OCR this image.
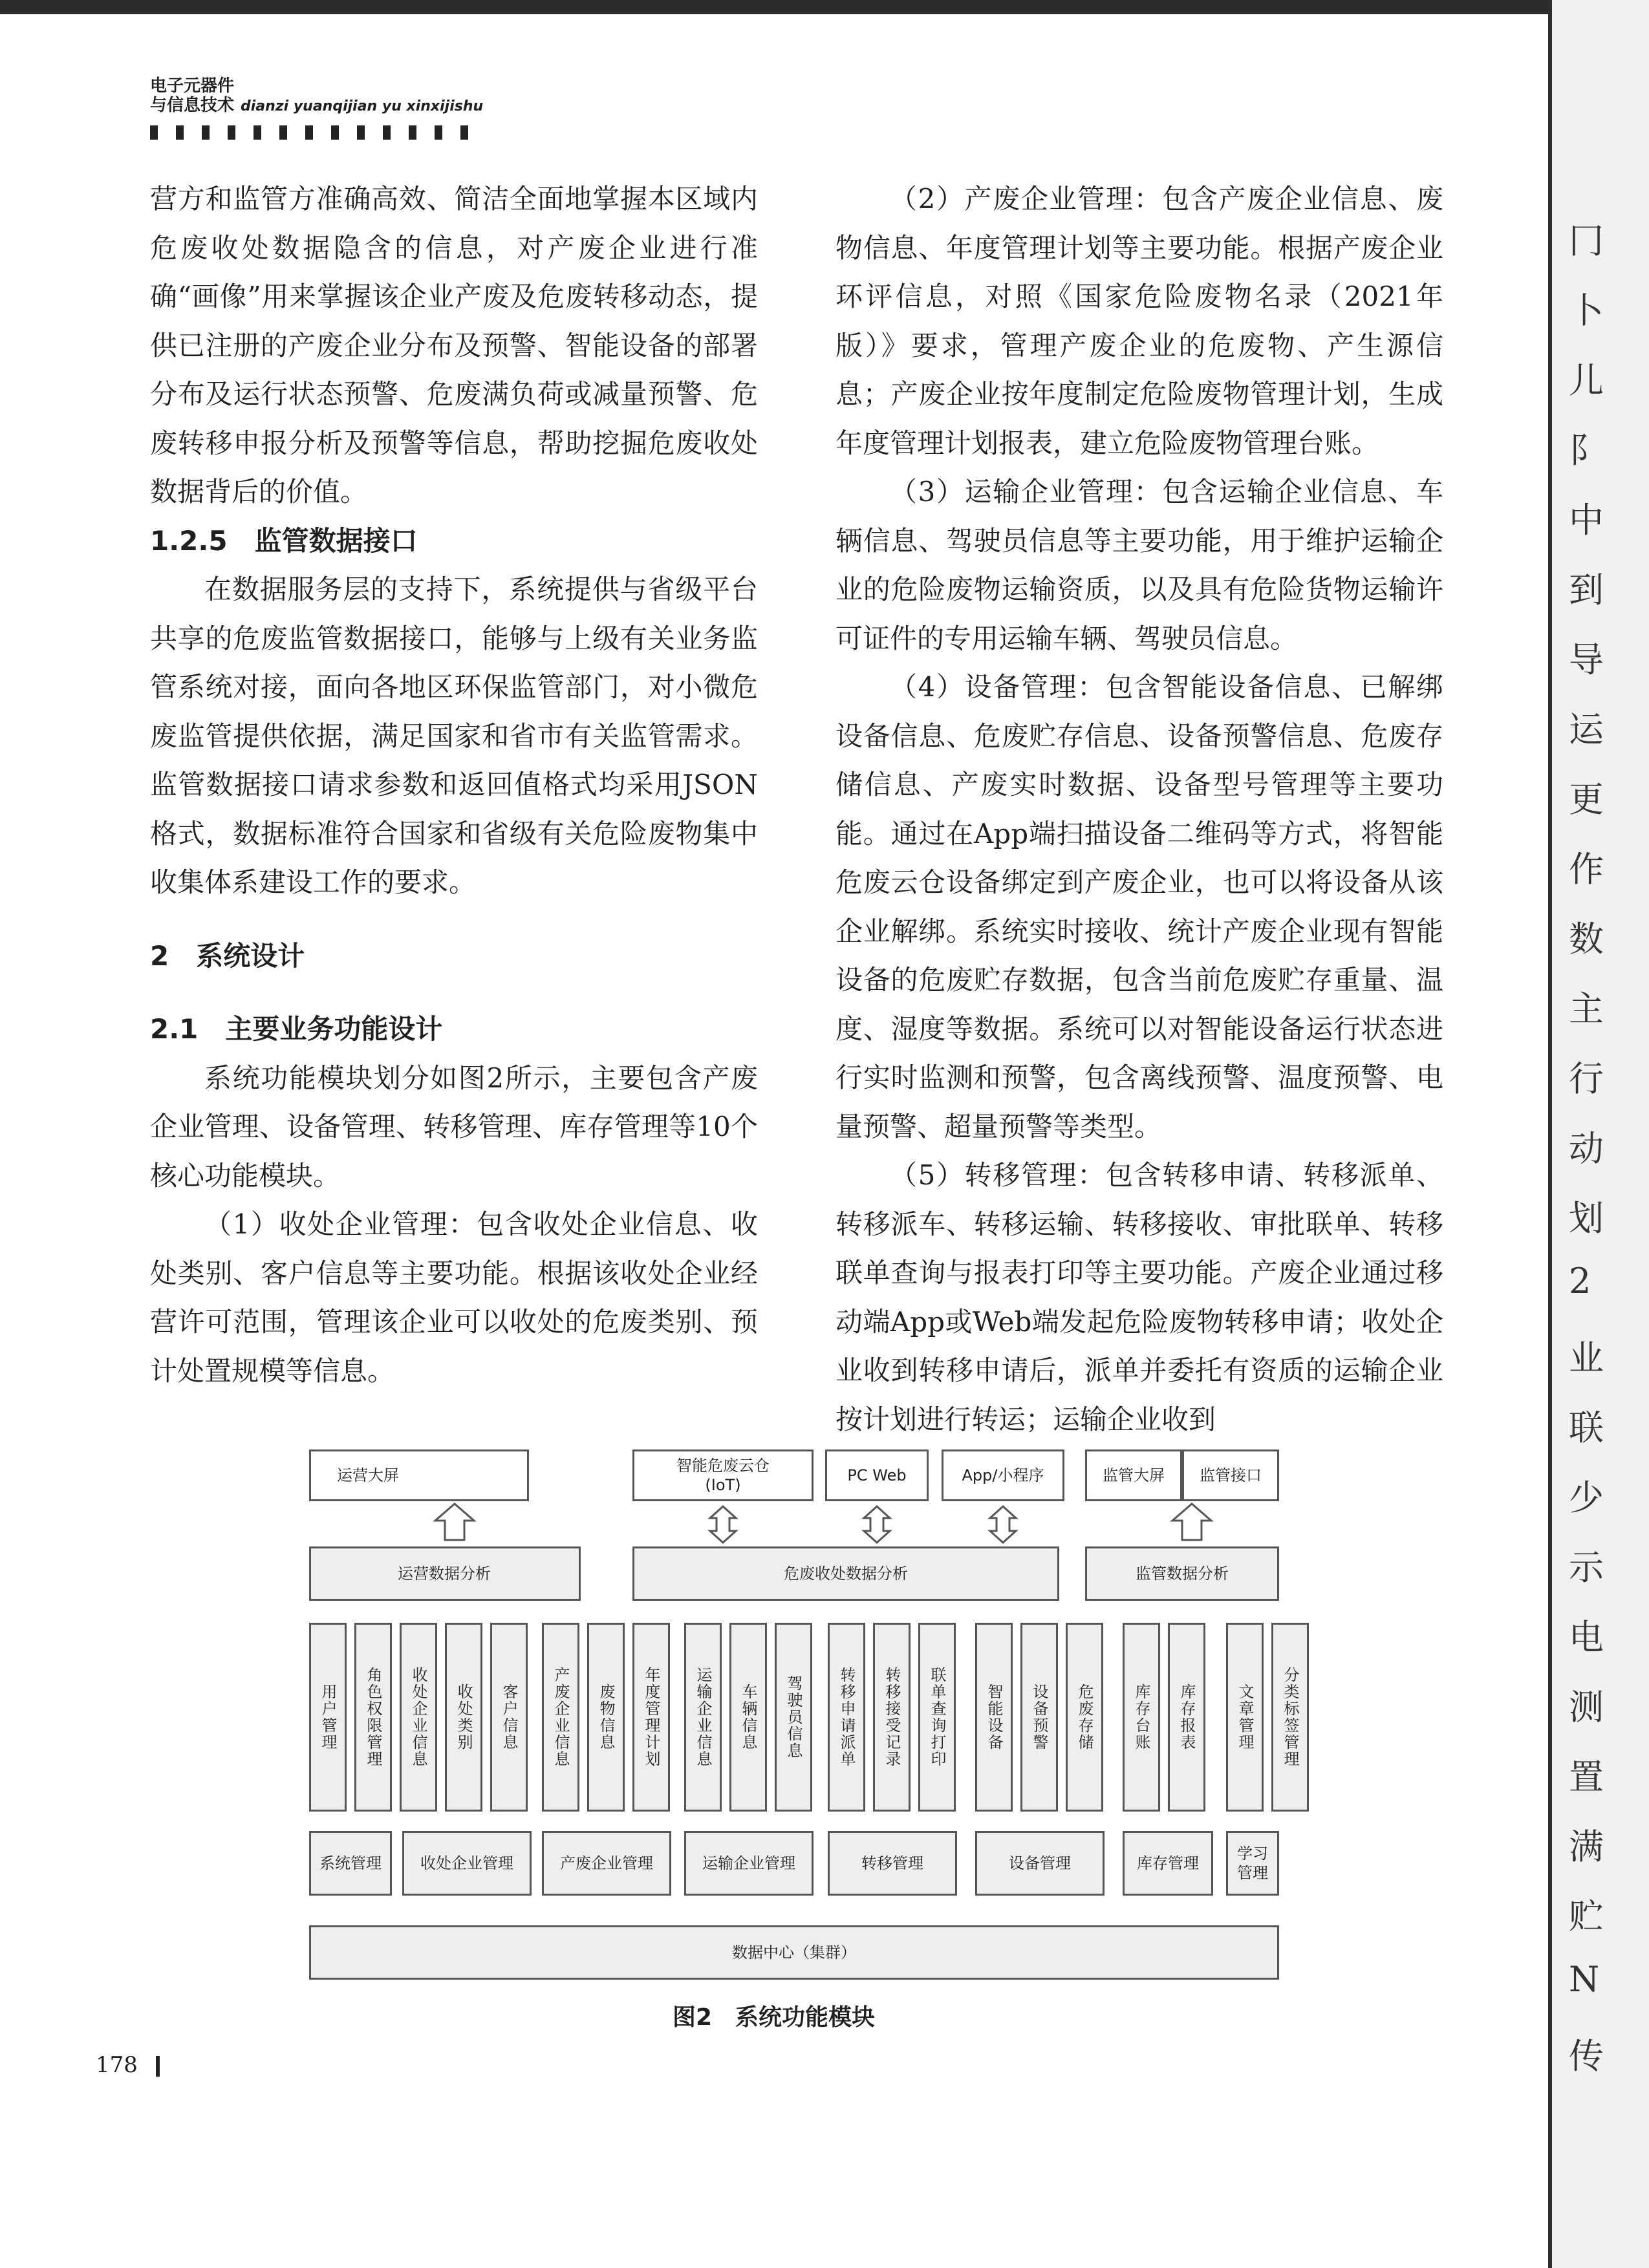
冂
卜
儿
阝
中
到
导
运
更
作
数
主
行
动
划
2
业
联
少
示
电
测
置
满
贮
N
传
电子元器件
与信息技术 dianzi yuanqijian yu xinxijishu

营方和监管方准确高效、简洁全面地掌握本区域内危废收处数据隐含的信息，对产废企业进行准确“画像”用来掌握该企业产废及危废转移动态，提供已注册的产废企业分布及预警、智能设备的部署分布及运行状态预警、危废满负荷或减量预警、危废转移申报分析及预警等信息，帮助挖掘危废收处数据背后的价值。

1.2.5　监管数据接口

在数据服务层的支持下，系统提供与省级平台共享的危废监管数据接口，能够与上级有关业务监管系统对接，面向各地区环保监管部门，对小微危废监管提供依据，满足国家和省市有关监管需求。监管数据接口请求参数和返回值格式均采用JSON格式，数据标准符合国家和省级有关危险废物集中收集体系建设工作的要求。

2　系统设计

2.1　主要业务功能设计

系统功能模块划分如图2所示，主要包含产废企业管理、设备管理、转移管理、库存管理等10个核心功能模块。

（1）收处企业管理：包含收处企业信息、收处类别、客户信息等主要功能。根据该收处企业经营许可范围，管理该企业可以收处的危废类别、预计处置规模等信息。

（2）产废企业管理：包含产废企业信息、废物信息、年度管理计划等主要功能。根据产废企业环评信息，对照《国家危险废物名录（2021年版）》要求，管理产废企业的危废物、产生源信息；产废企业按年度制定危险废物管理计划，生成年度管理计划报表，建立危险废物管理台账。

（3）运输企业管理：包含运输企业信息、车辆信息、驾驶员信息等主要功能，用于维护运输企业的危险废物运输资质，以及具有危险货物运输许可证件的专用运输车辆、驾驶员信息。

（4）设备管理：包含智能设备信息、已解绑设备信息、危废贮存信息、设备预警信息、危废存储信息、产废实时数据、设备型号管理等主要功能。通过在App端扫描设备二维码等方式，将智能危废云仓设备绑定到产废企业，也可以将设备从该企业解绑。系统实时接收、统计产废企业现有智能设备的危废贮存数据，包含当前危废贮存重量、温度、湿度等数据。系统可以对智能设备运行状态进行实时监测和预警，包含离线预警、温度预警、电量预警、超量预警等类型。

（5）转移管理：包含转移申请、转移派单、转移派车、转移运输、转移接收、审批联单、转移联单查询与报表打印等主要功能。产废企业通过移动端App或Web端发起危险废物转移申请；收处企业收到转移申请后，派单并委托有资质的运输企业按计划进行转运；运输企业收到

运营大屏
智能危废云仓
(IoT)
PC Web	App/小程序	监管大屏	监管接口
运营数据分析	危废收处数据分析	监管数据分析
用户管理	角色权限管理	收处企业信息	收处类别	客户信息	产废企业信息	废物信息	年度管理计划	运输企业信息	车辆信息	驾驶员信息	转移申请派单	转移接受记录	联单查询打印	智能设备	设备预警	危废存储	库存台账	库存报表	文章管理	分类标签管理
系统管理	收处企业管理	产废企业管理	运输企业管理	转移管理	设备管理	库存管理
学习管理
数据中心（集群）
图2　系统功能模块
178
